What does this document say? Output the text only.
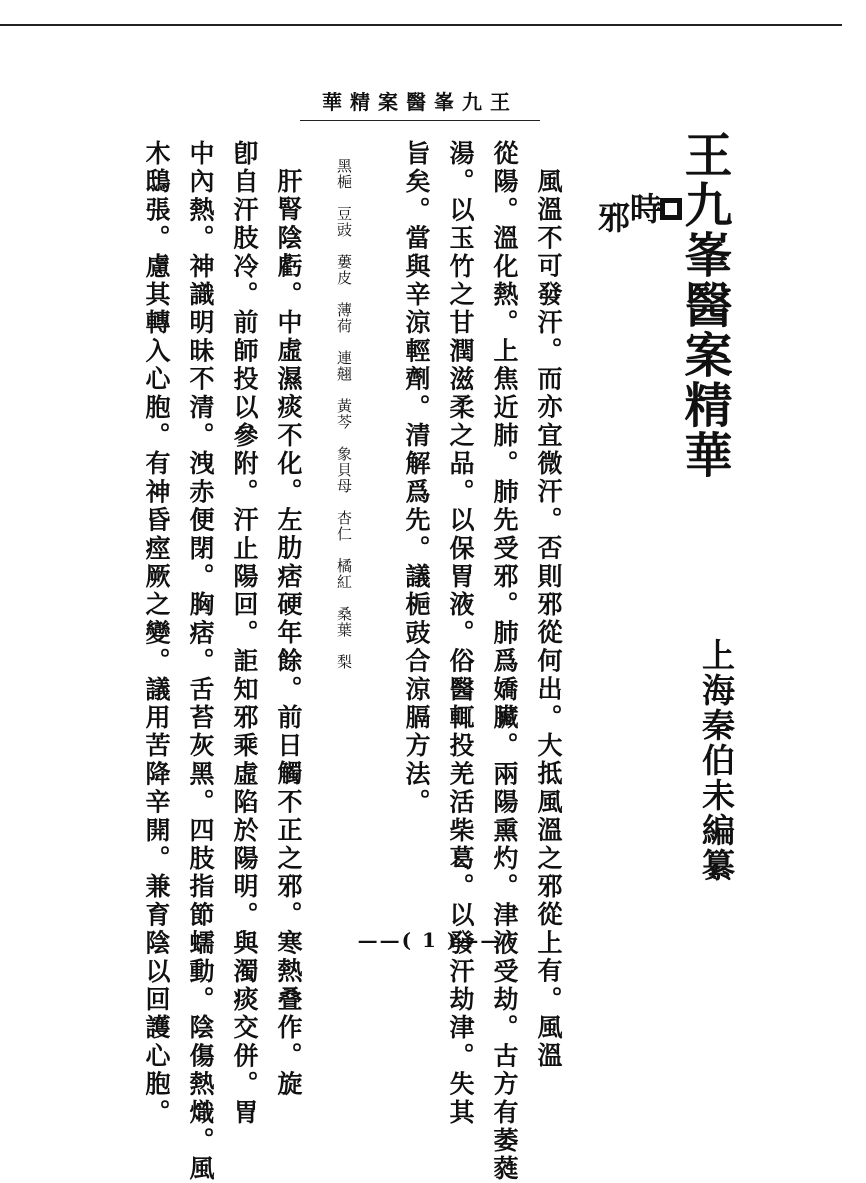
華精案醫峯九王
王九峯醫案精華
上海秦伯未編纂
時
邪
風溫不可發汗。而亦宜微汗。否則邪從何出。大抵風溫之邪從上有。風溫
從陽。溫化熱。上焦近肺。肺先受邪。肺爲嬌臟。兩陽熏灼。津液受劫。古方有萎蕤
湯。以玉竹之甘潤滋柔之品。以保胃液。俗醫輒投羌活柴葛。以發汗劫津。失其
旨矣。當與辛涼輕劑。清解爲先。議梔豉合涼膈方法。
黑梔　豆豉　蔞皮　薄荷　連翹　黃芩　象貝母　杏仁　橘紅　桑葉　梨
肝腎陰虧。中虛濕痰不化。左肋痞硬年餘。前日觸不正之邪。寒熱叠作。旋
卽自汗肢冷。前師投以參附。汗止陽回。詎知邪乘虛陷於陽明。與濁痰交併。胃
中內熱。神識明昧不清。洩赤便閉。胸痞。舌苔灰黑。四肢指節蠕動。陰傷熱熾。風
木鴟張。慮其轉入心胞。有神昏痙厥之變。議用苦降辛開。兼育陰以回護心胞。	——( 1 )——
